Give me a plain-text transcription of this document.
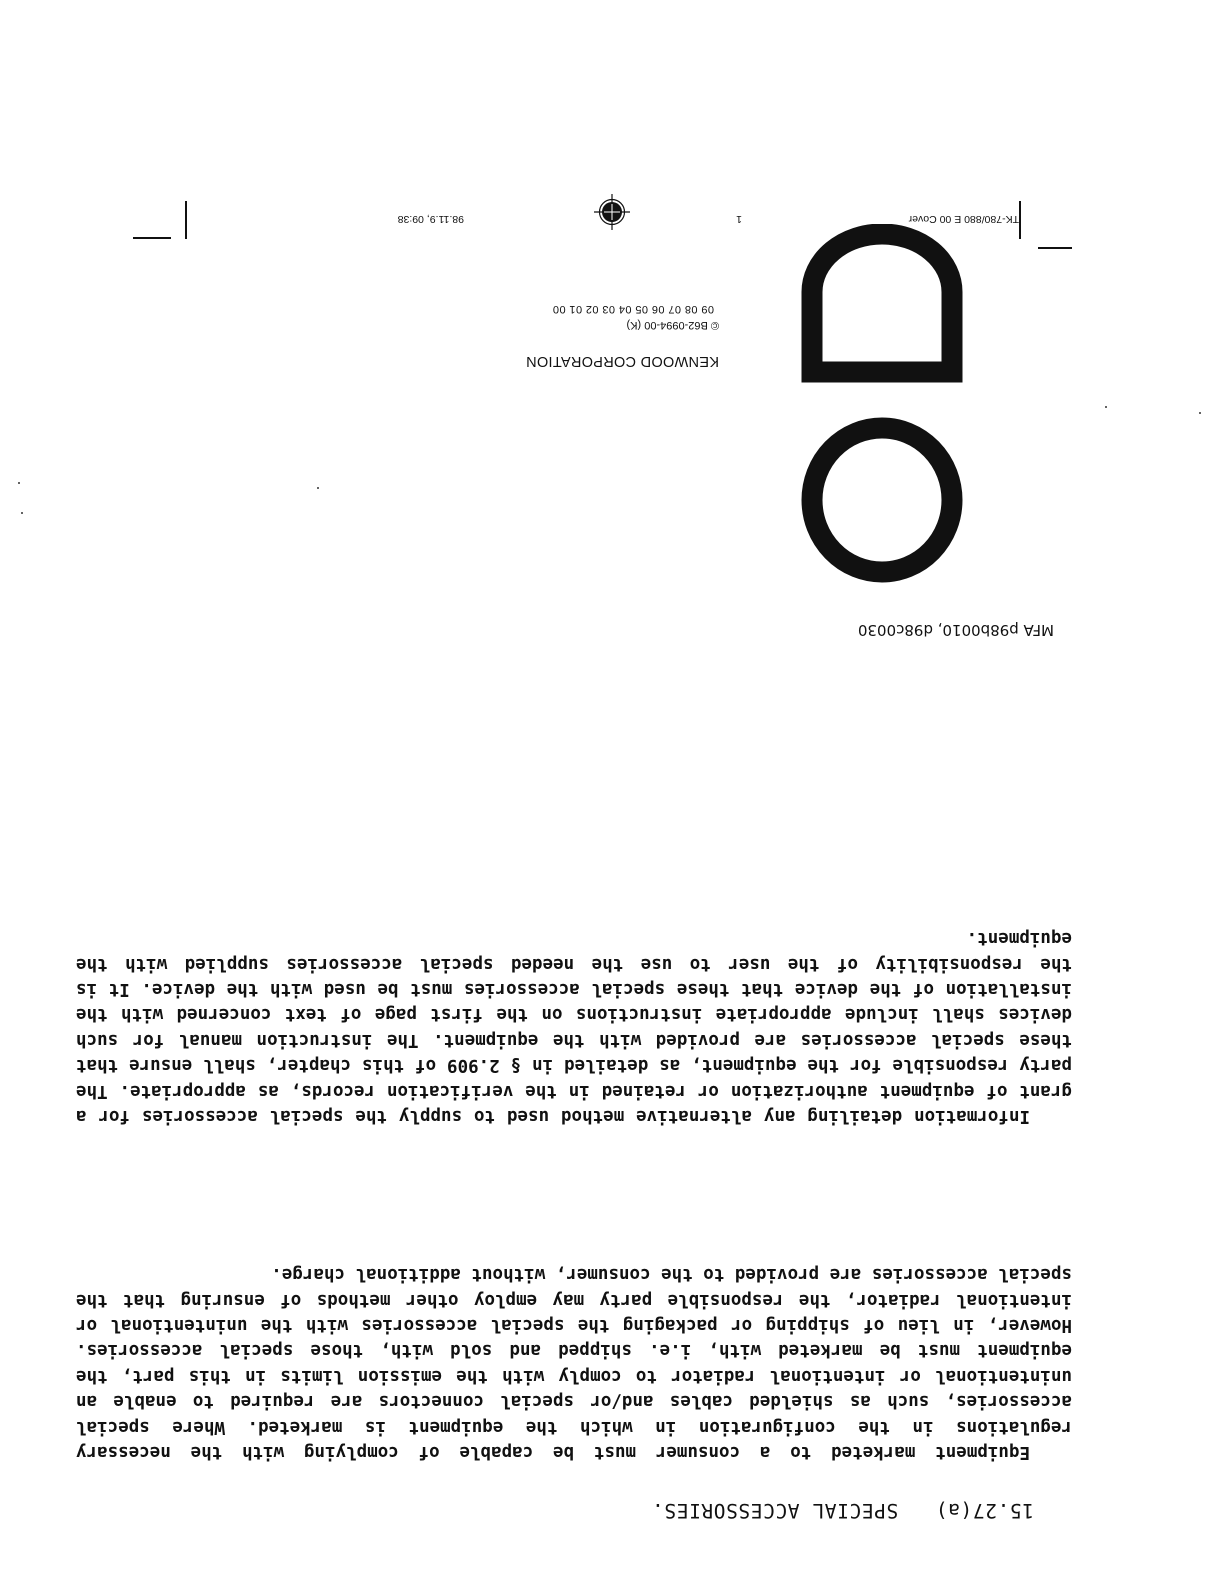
15.27(a)   SPECIAL ACCESSORIES.

Equipment marketed to a consumer must be capable of complying with the necessary regulations in the configuration in which the equipment is marketed. Where special accessories, such as shielded cables and/or special connectors are required to enable an unintentional or intentional radiator to comply with the emission limits in this part, the equipment must be marketed with, i.e. shipped and sold with, those special accessories. However, in lieu of shipping or packaging the special accessories with the unintentional or intentional radiator, the responsible party may employ other methods of ensuring that the special accessories are provided to the consumer, without additional charge.

Information detailing any alternative method used to supply the special accessories for a grant of equipment authorization or retained in the verification records, as appropriate. The party responsible for the equipment, as detailed in § 2.909 of this chapter, shall ensure that these special accessories are provided with the equipment. The instruction manual for such devices shall include appropriate instructions on the first page of text concerned with the installation of the device that these special accessories must be used with the device. It is the responsibility of the user to use the needed special accessories supplied with the equipment.

MFA p98b0010, d98c0030

KENWOOD CORPORATION

© B62-0994-00 (K)

09 08 07 06 05 04 03 02 01 00

TK-780/880 E 00 Cover

1

98.11.9, 09:38
